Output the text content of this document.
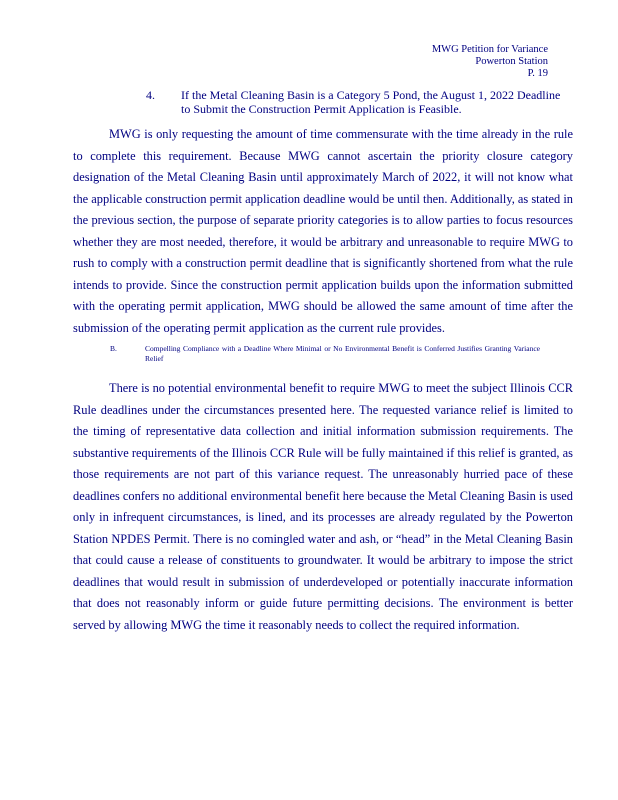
MWG Petition for Variance
Powerton Station
P. 19
4. If the Metal Cleaning Basin is a Category 5 Pond, the August 1, 2022 Deadline to Submit the Construction Permit Application is Feasible.
MWG is only requesting the amount of time commensurate with the time already in the rule to complete this requirement. Because MWG cannot ascertain the priority closure category designation of the Metal Cleaning Basin until approximately March of 2022, it will not know what the applicable construction permit application deadline would be until then. Additionally, as stated in the previous section, the purpose of separate priority categories is to allow parties to focus resources whether they are most needed, therefore, it would be arbitrary and unreasonable to require MWG to rush to comply with a construction permit deadline that is significantly shortened from what the rule intends to provide. Since the construction permit application builds upon the information submitted with the operating permit application, MWG should be allowed the same amount of time after the submission of the operating permit application as the current rule provides.
B.	Compelling Compliance with a Deadline Where Minimal or No Environmental Benefit is Conferred Justifies Granting Variance Relief
There is no potential environmental benefit to require MWG to meet the subject Illinois CCR Rule deadlines under the circumstances presented here. The requested variance relief is limited to the timing of representative data collection and initial information submission requirements. The substantive requirements of the Illinois CCR Rule will be fully maintained if this relief is granted, as those requirements are not part of this variance request. The unreasonably hurried pace of these deadlines confers no additional environmental benefit here because the Metal Cleaning Basin is used only in infrequent circumstances, is lined, and its processes are already regulated by the Powerton Station NPDES Permit. There is no comingled water and ash, or “head” in the Metal Cleaning Basin that could cause a release of constituents to groundwater. It would be arbitrary to impose the strict deadlines that would result in submission of underdeveloped or potentially inaccurate information that does not reasonably inform or guide future permitting decisions. The environment is better served by allowing MWG the time it reasonably needs to collect the required information.
